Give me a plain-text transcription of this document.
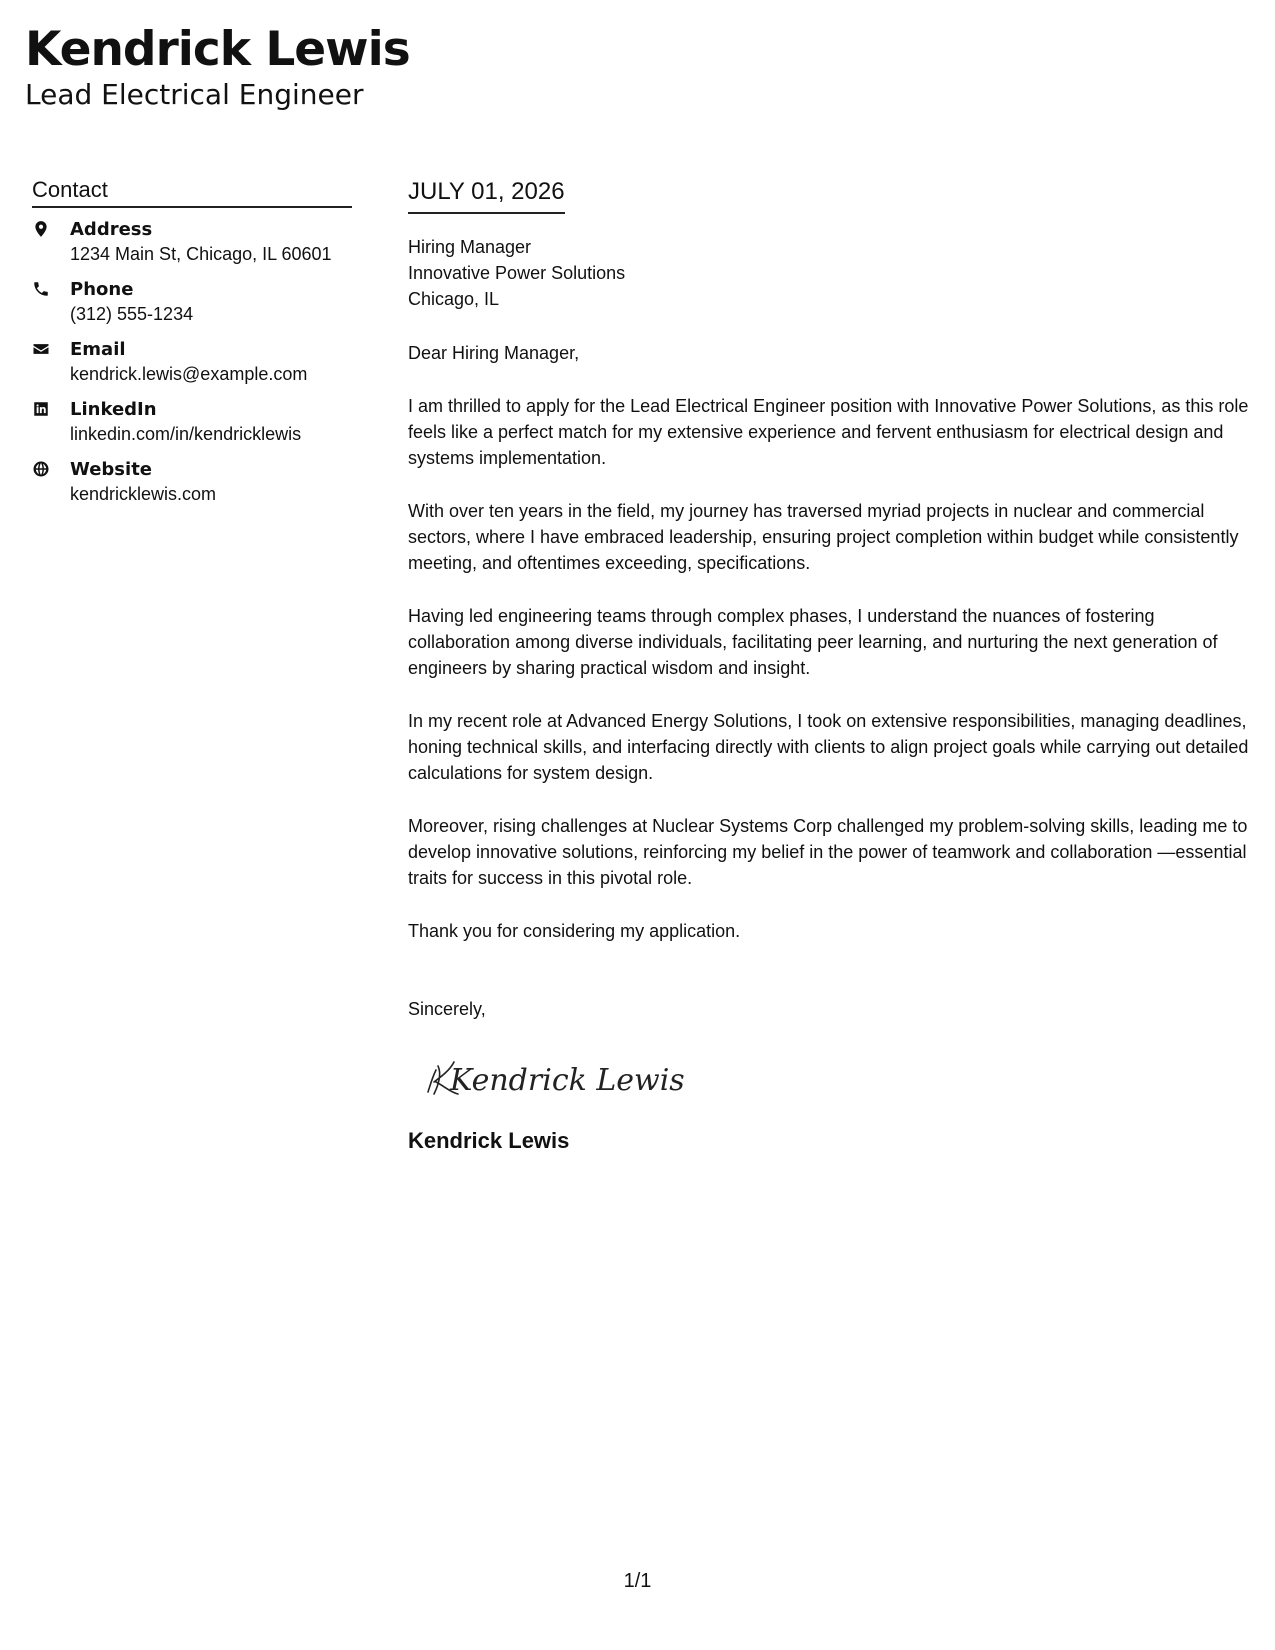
Kendrick Lewis
Lead Electrical Engineer
Contact
Address
1234 Main St, Chicago, IL 60601
Phone
(312) 555-1234
Email
kendrick.lewis@example.com
LinkedIn
linkedin.com/in/kendricklewis
Website
kendricklewis.com
JULY 01, 2026
Hiring Manager
Innovative Power Solutions
Chicago, IL
Dear Hiring Manager,

I am thrilled to apply for the Lead Electrical Engineer position with Innovative Power Solutions, as this role feels like a perfect match for my extensive experience and fervent enthusiasm for electrical design and systems implementation.

With over ten years in the field, my journey has traversed myriad projects in nuclear and commercial sectors, where I have embraced leadership, ensuring project completion within budget while consistently meeting, and oftentimes exceeding, specifications.

Having led engineering teams through complex phases, I understand the nuances of fostering collaboration among diverse individuals, facilitating peer learning, and nurturing the next generation of engineers by sharing practical wisdom and insight.

In my recent role at Advanced Energy Solutions, I took on extensive responsibilities, managing deadlines, honing technical skills, and interfacing directly with clients to align project goals while carrying out detailed calculations for system design.

Moreover, rising challenges at Nuclear Systems Corp challenged my problem-solving skills, leading me to develop innovative solutions, reinforcing my belief in the power of teamwork and collaboration —essential traits for success in this pivotal role.

Thank you for considering my application.

Sincerely,
Kendrick Lewis
Kendrick Lewis
1/1
